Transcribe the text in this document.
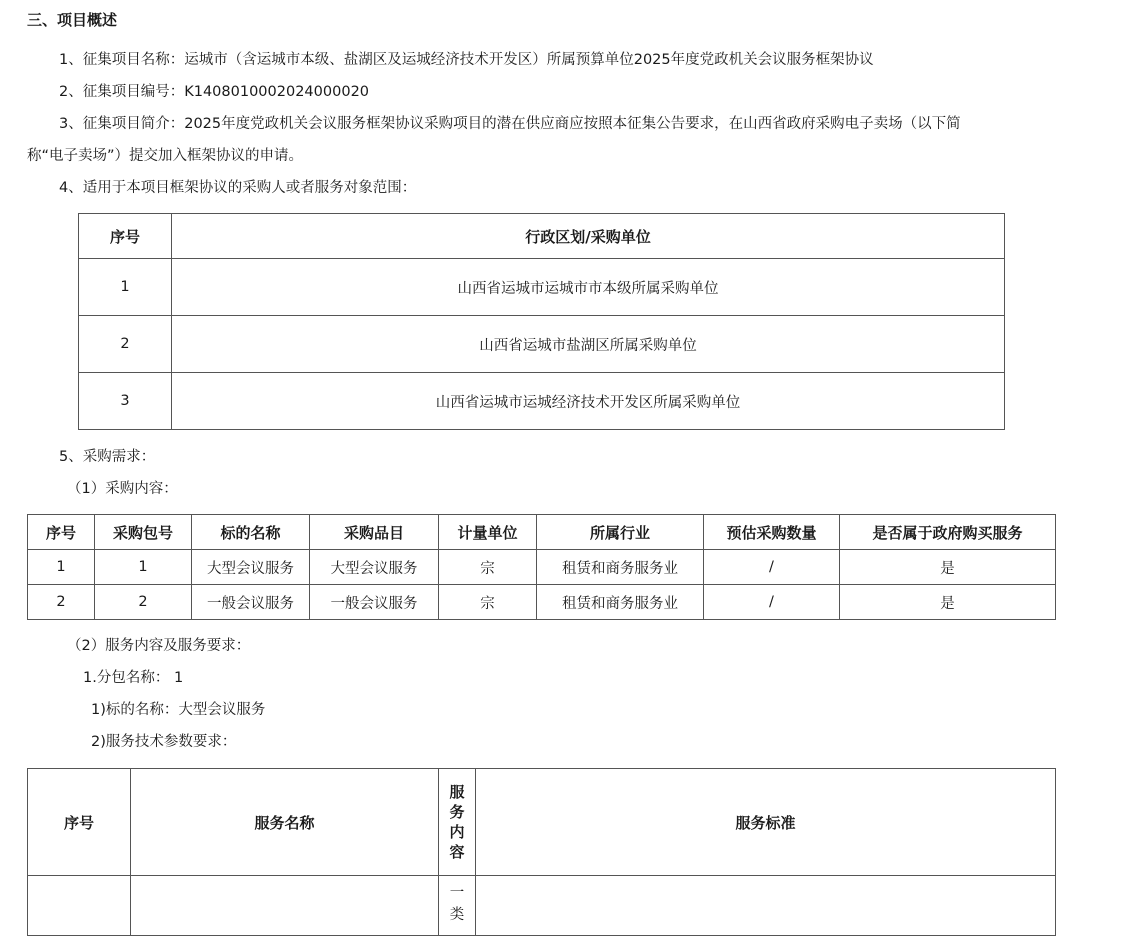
三、项目概述
1、征集项目名称：运城市（含运城市本级、盐湖区及运城经济技术开发区）所属预算单位2025年度党政机关会议服务框架协议
2、征集项目编号：K1408010002024000020
3、征集项目简介：2025年度党政机关会议服务框架协议采购项目的潜在供应商应按照本征集公告要求，在山西省政府采购电子卖场（以下简
称“电子卖场”）提交加入框架协议的申请。
4、适用于本项目框架协议的采购人或者服务对象范围：
序号	行政区划/采购单位
1	山西省运城市运城市市本级所属采购单位
2	山西省运城市盐湖区所属采购单位
3	山西省运城市运城经济技术开发区所属采购单位
5、采购需求：
（1）采购内容：
序号	采购包号	标的名称	采购品目	计量单位	所属行业	预估采购数量	是否属于政府购买服务
1	1	大型会议服务	大型会议服务	宗	租赁和商务服务业	/	是
2	2	一般会议服务	一般会议服务	宗	租赁和商务服务业	/	是
（2）服务内容及服务要求：
1.分包名称： 1
1)标的名称：大型会议服务
2)服务技术参数要求：
序号	服务名称	服务内容	服务标准
		一类	
